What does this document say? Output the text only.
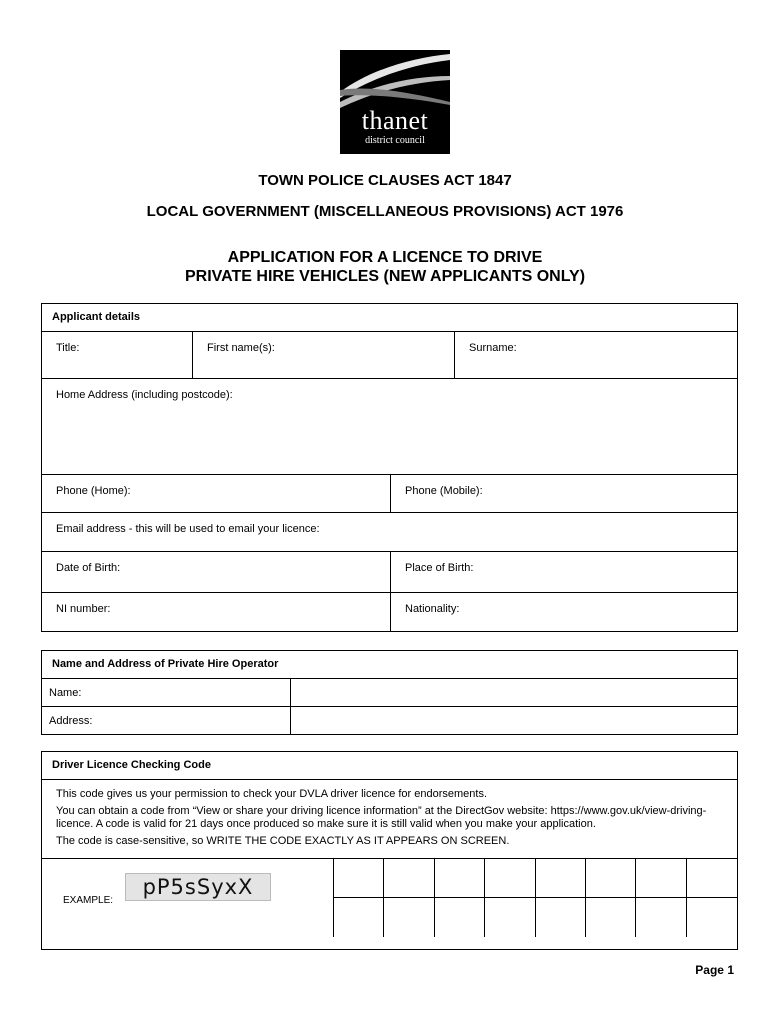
thanet
district council
TOWN POLICE CLAUSES ACT 1847
LOCAL GOVERNMENT (MISCELLANEOUS PROVISIONS) ACT 1976
APPLICATION FOR A LICENCE TO DRIVE
PRIVATE HIRE VEHICLES (NEW APPLICANTS ONLY)
Applicant details
Title:	First name(s):	Surname:
Home Address (including postcode):
Phone (Home):	Phone (Mobile):
Email address - this will be used to email your licence:
Date of Birth:	Place of Birth:
NI number:	Nationality:
Name and Address of Private Hire Operator
Name:
Address:
Driver Licence Checking Code

This code gives us your permission to check your DVLA driver licence for endorsements.

You can obtain a code from “View or share your driving licence information” at the DirectGov website: https://www.gov.uk/view-driving-licence. A code is valid for 21 days once produced so make sure it is still valid when you make your application.

The code is case-sensitive, so WRITE THE CODE EXACTLY AS IT APPEARS ON SCREEN.

EXAMPLE:
pP5sSyxX
Page 1
